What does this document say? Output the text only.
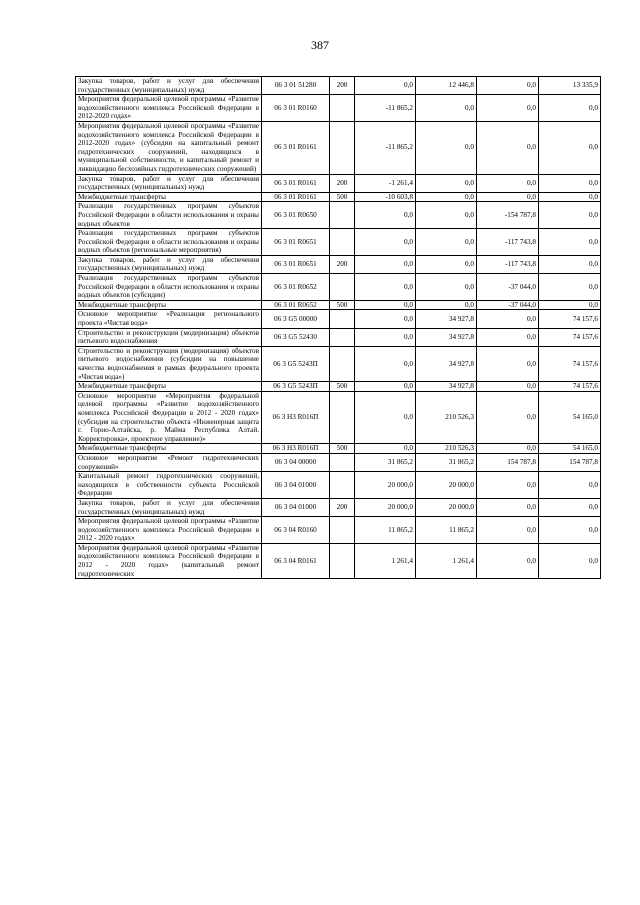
387
Закупка товаров, работ и услуг для обеспечения государственных (муниципальных) нужд	06 3 01 51280	200	0,0	12 446,8	0,0	13 335,9
Мероприятия федеральной целевой программы «Развитие водохозяйственного комплекса Российской Федерации в 2012-2020 годах»	06 3 01 R0160		-11 865,2	0,0	0,0	0,0
Мероприятия федеральной целевой программы «Развитие водохозяйственного комплекса Российской Федерации в 2012-2020 годах» (субсидии на капитальный ремонт гидротехнических сооружений, находящихся в муниципальной собственности, и капитальный ремонт и ликвидацию бесхозяйных гидротехнических сооружений)	06 3 01 R0161		-11 865,2	0,0	0,0	0,0
Закупка товаров, работ и услуг для обеспечения государственных (муниципальных) нужд	06 3 01 R0161	200	-1 261,4	0,0	0,0	0,0
Межбюджетные трансферты	06 3 01 R0161	500	-10 603,8	0,0	0,0	0,0
Реализация государственных программ субъектов Российской Федерации в области использования и охраны водных объектов	06 3 01 R0650		0,0	0,0	-154 787,8	0,0
Реализация государственных программ субъектов Российской Федерации в области использования и охраны водных объектов (региональные мероприятия)	06 3 01 R0651		0,0	0,0	-117 743,8	0,0
Закупка товаров, работ и услуг для обеспечения государственных (муниципальных) нужд	06 3 01 R0651	200	0,0	0,0	-117 743,8	0,0
Реализация государственных программ субъектов Российской Федерации в области использования и охраны водных объектов (субсидии)	06 3 01 R0652		0,0	0,0	-37 044,0	0,0
Межбюджетные трансферты	06 3 01 R0652	500	0,0	0,0	-37 044,0	0,0
Основное мероприятие «Реализация регионального проекта «Чистая вода»	06 3 G5 00000		0,0	34 927,8	0,0	74 157,6
Строительство и реконструкция (модернизация) объектов питьевого водоснабжения	06 3 G5 52430		0,0	34 927,8	0,0	74 157,6
Строительство и реконструкция (модернизация) объектов питьевого водоснабжения (субсидии на повышение качества водоснабжения в рамках федерального проекта «Чистая вода»)	06 3 G5 5243П		0,0	34 927,8	0,0	74 157,6
Межбюджетные трансферты	06 3 G5 5243П	500	0,0	34 927,8	0,0	74 157,6
Основное мероприятие «Мероприятия федеральной целевой программы «Развитие водохозяйственного комплекса Российской Федерации в 2012 - 2020 годах» (субсидия на строительство объекта «Инженерная защита г. Горно-Алтайска, р. Майма Республика Алтай. Корректировка», проектное управление)»	06 3 Н3 R016П		0,0	210 526,3	0,0	54 165,0
Межбюджетные трансферты	06 3 Н3 R016П	500	0,0	210 526,3	0,0	54 165,0
Основное мероприятие «Ремонт гидротехнических сооружений»	06 3 04 00000		31 865,2	31 865,2	154 787,8	154 787,8
Капитальный ремонт гидротехнических сооружений, находящихся в собственности субъекта Российской Федерации	06 3 04 01000		20 000,0	20 000,0	0,0	0,0
Закупка товаров, работ и услуг для обеспечения государственных (муниципальных) нужд	06 3 04 01000	200	20 000,0	20 000,0	0,0	0,0
Мероприятия федеральной целевой программы «Развитие водохозяйственного комплекса Российской Федерации в 2012 - 2020 годах»	06 3 04 R0160		11 865,2	11 865,2	0,0	0,0
Мероприятия федеральной целевой программы «Развитие водохозяйственного комплекса Российской Федерации в 2012 - 2020 годах» (капитальный ремонт гидротехнических	06 3 04 R0161		1 261,4	1 261,4	0,0	0,0
